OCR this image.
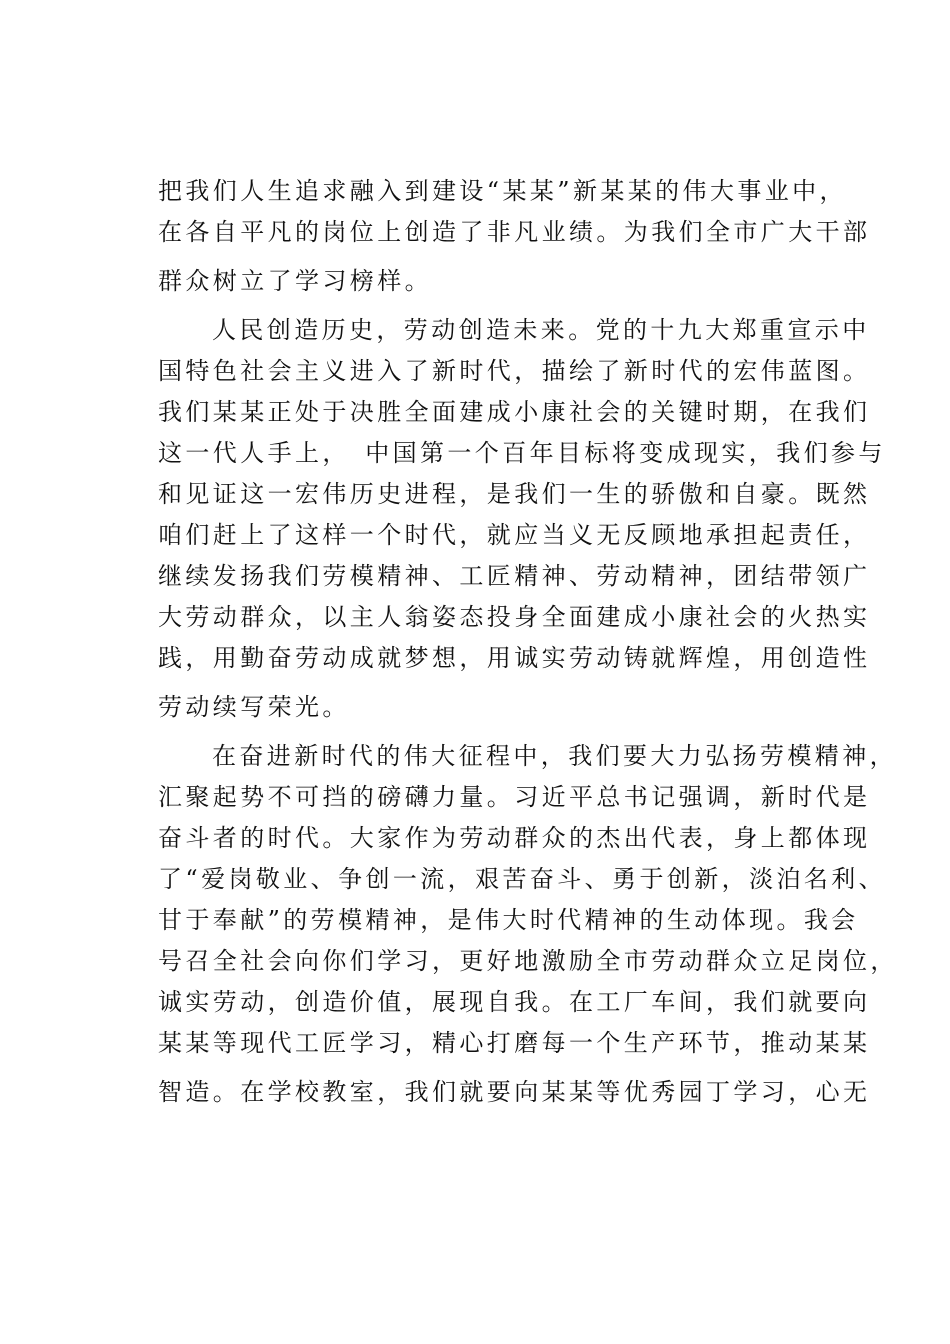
把我们人生追求融入到建设“某某”新某某的伟大事业中，
在各自平凡的岗位上创造了非凡业绩。为我们全市广大干部
群众树立了学习榜样。
人民创造历史，劳动创造未来。党的十九大郑重宣示中
国特色社会主义进入了新时代，描绘了新时代的宏伟蓝图。
我们某某正处于决胜全面建成小康社会的关键时期，在我们
这一代人手上，　中国第一个百年目标将变成现实，我们参与
和见证这一宏伟历史进程，是我们一生的骄傲和自豪。既然
咱们赶上了这样一个时代，就应当义无反顾地承担起责任，
继续发扬我们劳模精神、工匠精神、劳动精神，团结带领广
大劳动群众，以主人翁姿态投身全面建成小康社会的火热实
践，用勤奋劳动成就梦想，用诚实劳动铸就辉煌，用创造性
劳动续写荣光。
在奋进新时代的伟大征程中，我们要大力弘扬劳模精神，
汇聚起势不可挡的磅礴力量。习近平总书记强调，新时代是
奋斗者的时代。大家作为劳动群众的杰出代表，身上都体现
了“爱岗敬业、争创一流，艰苦奋斗、勇于创新，淡泊名利、
甘于奉献”的劳模精神，是伟大时代精神的生动体现。我会
号召全社会向你们学习，更好地激励全市劳动群众立足岗位，
诚实劳动，创造价值，展现自我。在工厂车间，我们就要向
某某等现代工匠学习，精心打磨每一个生产环节，推动某某
智造。在学校教室，我们就要向某某等优秀园丁学习，心无
